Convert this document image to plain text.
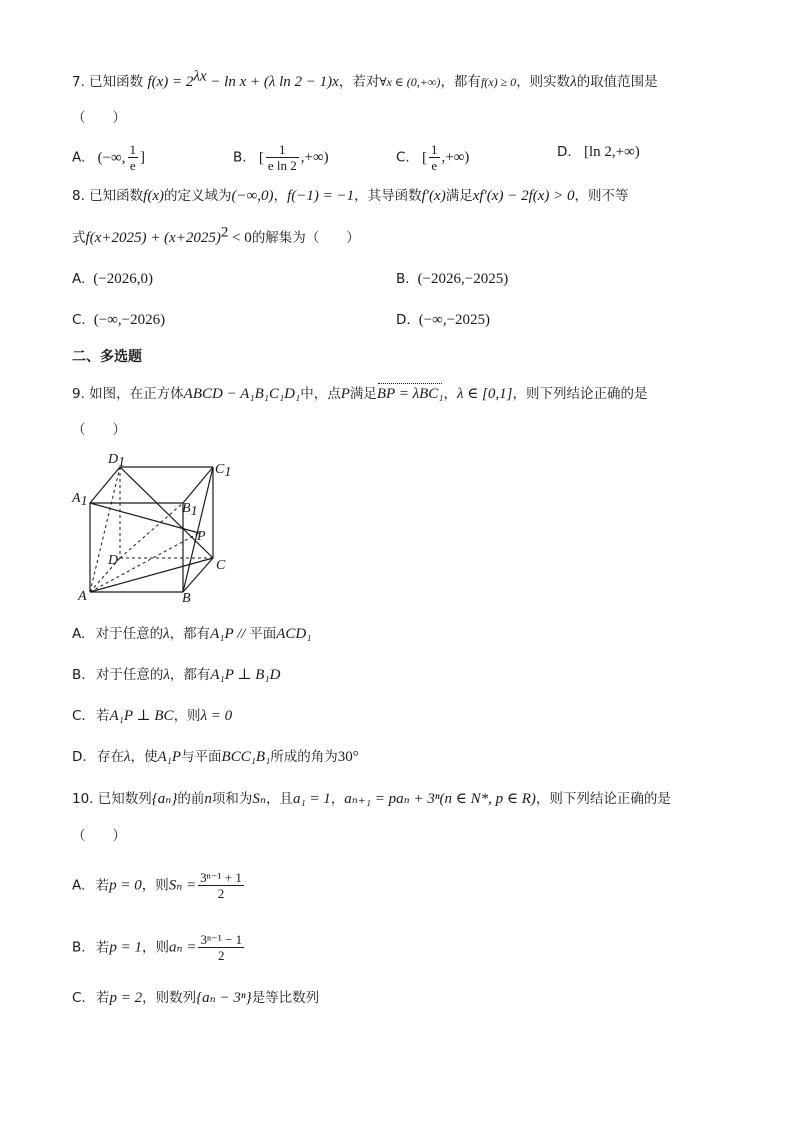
7. 已知函数 $f(x) = 2^{\lambda x} - \ln x + (\lambda$ ln 2 − 1)x，若对∀x ∈ (0,+∞)，都有f(x) ≥ 0，则实数λ的取值范围是
（　　）
A. (−∞, $\frac{1}{e}$ ]	B. [ $\frac{1}{\text{e ln 2}}$ ,+∞)	C. [ $\frac{1}{e}$ ,+∞)	D. [ln 2,+∞)
8. 已知函数f(x)的定义域为(−∞,0)，f(−1) = −1，其导函数f′(x)满足xf′(x) − 2f(x) > 0，则不等
式$f(x+2025) + (x+2025)^2 < 0$的解集为（　　）
A. (−2026,0)	B. (−2026,−2025)
C. (−∞,−2026)	D. (−∞,−2025)
二、多选题
9. 如图，在正方体ABCD − A₁B₁C₁D₁中，点P满足BP = λBC₁，λ ∈ [0,1]，则下列结论正确的是
（　　）
D1	C1
A1	B1
P
D	C
A	B
A. 对于任意的λ，都有A₁P // 平面ACD₁
B. 对于任意的λ，都有A₁P ⊥ B₁D
C. 若A₁P ⊥ BC，则λ = 0
D. 存在λ，使A₁P与平面BCC₁B₁所成的角为30°
10. 已知数列{aₙ}的前n项和为Sₙ，且a₁ = 1，aₙ₊₁ = paₙ + 3ⁿ(n ∈ N*, p ∈ R)，则下列结论正确的是
（　　）
A. 若p = 0，则$S_n = \frac{\text{3ⁿ⁻¹ + 1}}{2}$
B. 若p = 1，则$a_n = \frac{\text{3ⁿ⁻¹ − 1}}{2}$
C. 若p = 2，则数列{aₙ − 3ⁿ}是等比数列
